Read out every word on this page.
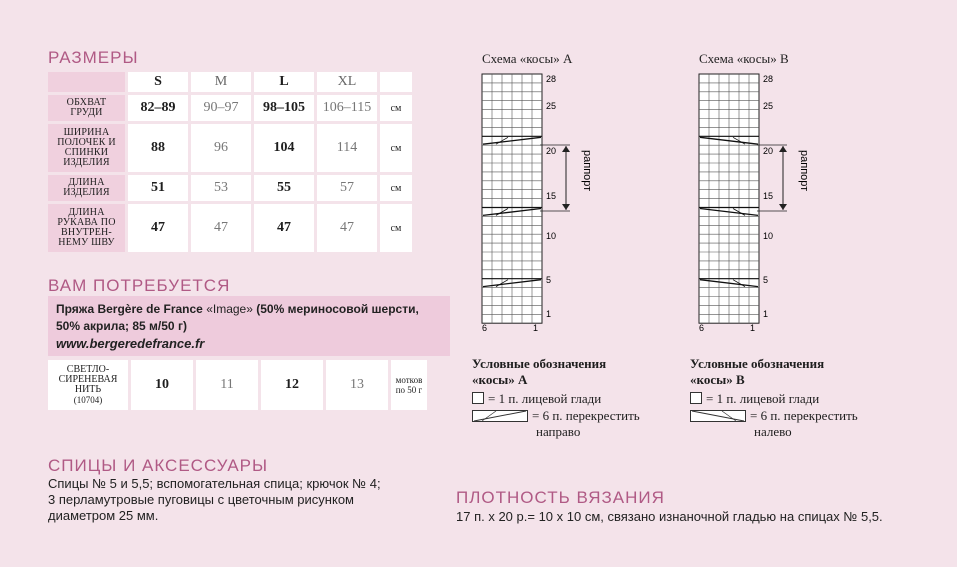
РАЗМЕРЫ
	S	M	L	XL	

ОБХВАТ
ГРУДИ	82–89	90–97	98–105	106–115	см

ШИРИНА
ПОЛОЧЕК И
СПИНКИ
ИЗДЕЛИЯ	88	96	104	114	см

ДЛИНА
ИЗДЕЛИЯ	51	53	55	57	см

ДЛИНА
РУКАВА ПО
ВНУТРЕН-
НЕМУ ШВУ	47	47	47	47	см
ВАМ ПОТРЕБУЕТСЯ
Пряжа Bergère de France «Image» (50% мериносовой шерсти,
50% акрила; 85 м/50 г)
www.bergeredefrance.fr
СВЕТЛО-
СИРЕНЕВАЯ
НИТЬ
(10704)
	10	11	12	13	мотков
по 50 г
СПИЦЫ И АКСЕССУАРЫ
Спицы № 5 и 5,5; вспомогательная спица; крючок № 4;
3 перламутровые пуговицы с цветочным рисунком
диаметром 25 мм.
ПЛОТНОСТЬ ВЯЗАНИЯ
17 п. х 20 р.= 10 х 10 см, связано изнаночной гладью на спицах № 5,5.
Схема «косы» A
28
25
20
15
10
5
1
6	1
раппорт
Схема «косы» B
28
25
20
15
10
5
1
6	1
раппорт
Условные обозначения
«косы» A
= 1 п. лицевой глади
= 6 п. перекрестить
направо
Условные обозначения
«косы» B
= 1 п. лицевой глади
= 6 п. перекрестить
налево
